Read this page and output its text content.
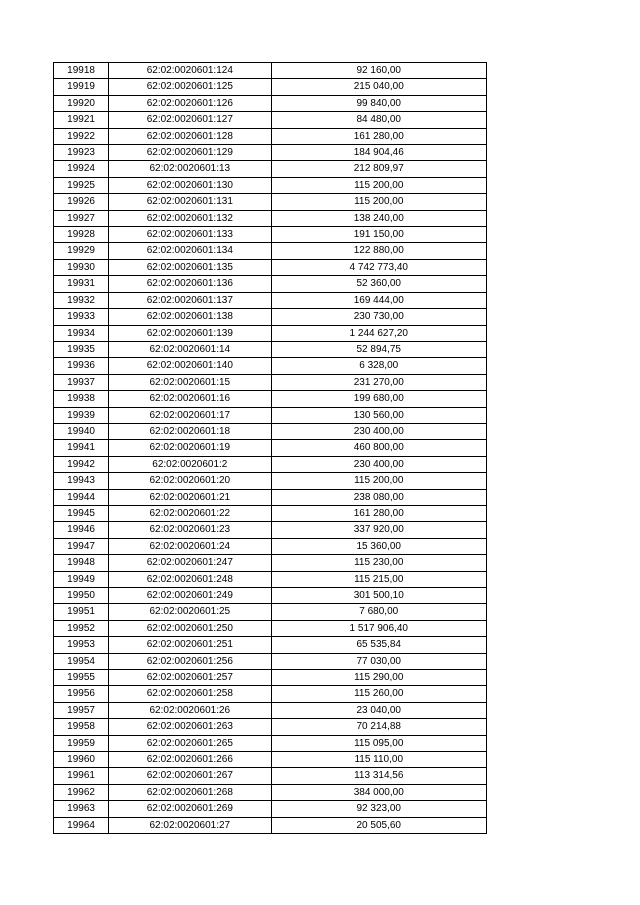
19918	62:02:0020601:124	92 160,00
19919	62:02:0020601:125	215 040,00
19920	62:02:0020601:126	99 840,00
19921	62:02:0020601:127	84 480,00
19922	62:02:0020601:128	161 280,00
19923	62:02:0020601:129	184 904,46
19924	62:02:0020601:13	212 809,97
19925	62:02:0020601:130	115 200,00
19926	62:02:0020601:131	115 200,00
19927	62:02:0020601:132	138 240,00
19928	62:02:0020601:133	191 150,00
19929	62:02:0020601:134	122 880,00
19930	62:02:0020601:135	4 742 773,40
19931	62:02:0020601:136	52 360,00
19932	62:02:0020601:137	169 444,00
19933	62:02:0020601:138	230 730,00
19934	62:02:0020601:139	1 244 627,20
19935	62:02:0020601:14	52 894,75
19936	62:02:0020601:140	6 328,00
19937	62:02:0020601:15	231 270,00
19938	62:02:0020601:16	199 680,00
19939	62:02:0020601:17	130 560,00
19940	62:02:0020601:18	230 400,00
19941	62:02:0020601:19	460 800,00
19942	62:02:0020601:2	230 400,00
19943	62:02:0020601:20	115 200,00
19944	62:02:0020601:21	238 080,00
19945	62:02:0020601:22	161 280,00
19946	62:02:0020601:23	337 920,00
19947	62:02:0020601:24	15 360,00
19948	62:02:0020601:247	115 230,00
19949	62:02:0020601:248	115 215,00
19950	62:02:0020601:249	301 500,10
19951	62:02:0020601:25	7 680,00
19952	62:02:0020601:250	1 517 906,40
19953	62:02:0020601:251	65 535,84
19954	62:02:0020601:256	77 030,00
19955	62:02:0020601:257	115 290,00
19956	62:02:0020601:258	115 260,00
19957	62:02:0020601:26	23 040,00
19958	62:02:0020601:263	70 214,88
19959	62:02:0020601:265	115 095,00
19960	62:02:0020601:266	115 110,00
19961	62:02:0020601:267	113 314,56
19962	62:02:0020601:268	384 000,00
19963	62:02:0020601:269	92 323,00
19964	62:02:0020601:27	20 505,60
